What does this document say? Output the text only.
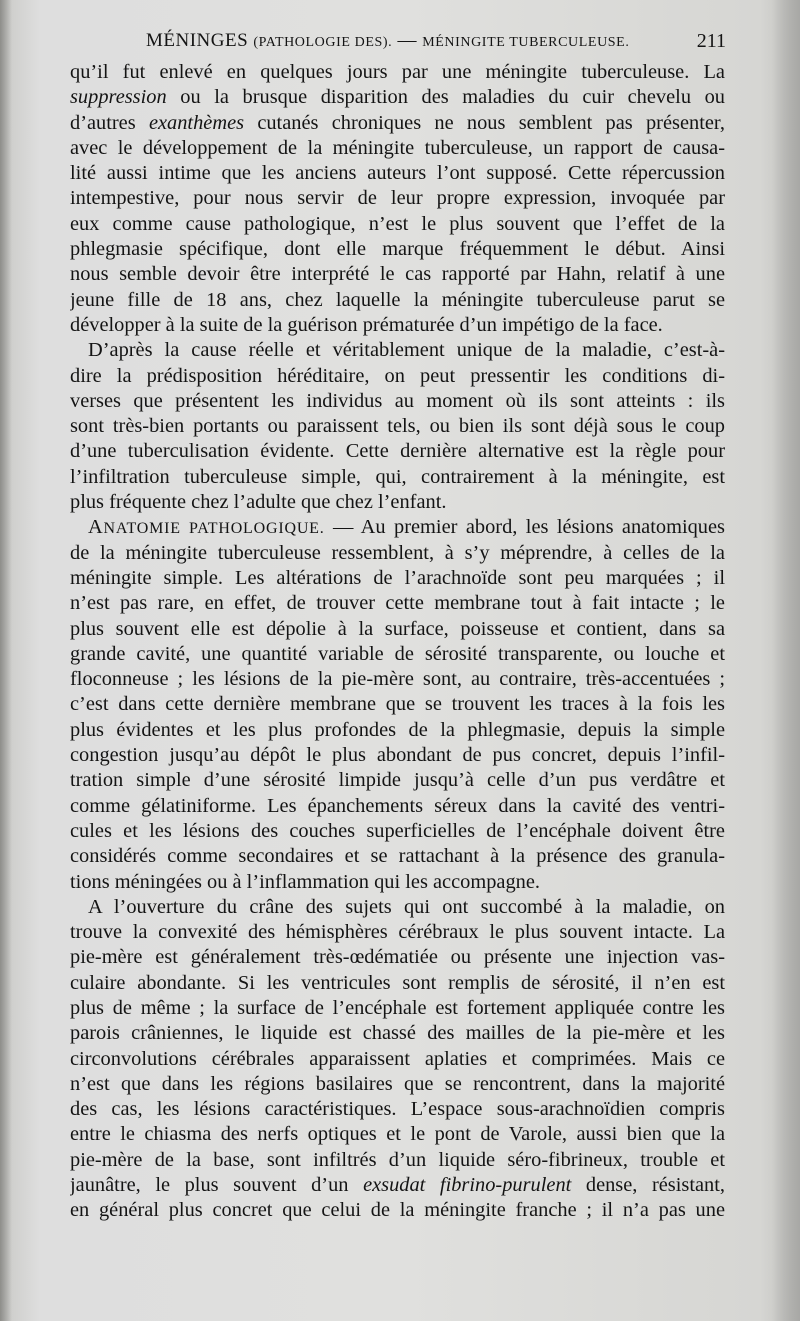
MÉNINGES (PATHOLOGIE DES). — MÉNINGITE TUBERCULEUSE.	211
qu’il fut enlevé en quelques jours par une méningite tuberculeuse. La
suppression ou la brusque disparition des maladies du cuir chevelu ou
d’autres exanthèmes cutanés chroniques ne nous semblent pas présenter,
avec le développement de la méningite tuberculeuse, un rapport de causa-
lité aussi intime que les anciens auteurs l’ont supposé. Cette répercussion
intempestive, pour nous servir de leur propre expression, invoquée par
eux comme cause pathologique, n’est le plus souvent que l’effet de la
phlegmasie spécifique, dont elle marque fréquemment le début. Ainsi
nous semble devoir être interprété le cas rapporté par Hahn, relatif à une
jeune fille de 18 ans, chez laquelle la méningite tuberculeuse parut se
développer à la suite de la guérison prématurée d’un impétigo de la face.
D’après la cause réelle et véritablement unique de la maladie, c’est-à-
dire la prédisposition héréditaire, on peut pressentir les conditions di-
verses que présentent les individus au moment où ils sont atteints : ils
sont très-bien portants ou paraissent tels, ou bien ils sont déjà sous le coup
d’une tuberculisation évidente. Cette dernière alternative est la règle pour
l’infiltration tuberculeuse simple, qui, contrairement à la méningite, est
plus fréquente chez l’adulte que chez l’enfant.
ANATOMIE PATHOLOGIQUE. — Au premier abord, les lésions anatomiques
de la méningite tuberculeuse ressemblent, à s’y méprendre, à celles de la
méningite simple. Les altérations de l’arachnoïde sont peu marquées ; il
n’est pas rare, en effet, de trouver cette membrane tout à fait intacte ; le
plus souvent elle est dépolie à la surface, poisseuse et contient, dans sa
grande cavité, une quantité variable de sérosité transparente, ou louche et
floconneuse ; les lésions de la pie-mère sont, au contraire, très-accentuées ;
c’est dans cette dernière membrane que se trouvent les traces à la fois les
plus évidentes et les plus profondes de la phlegmasie, depuis la simple
congestion jusqu’au dépôt le plus abondant de pus concret, depuis l’infil-
tration simple d’une sérosité limpide jusqu’à celle d’un pus verdâtre et
comme gélatiniforme. Les épanchements séreux dans la cavité des ventri-
cules et les lésions des couches superficielles de l’encéphale doivent être
considérés comme secondaires et se rattachant à la présence des granula-
tions méningées ou à l’inflammation qui les accompagne.
A l’ouverture du crâne des sujets qui ont succombé à la maladie, on
trouve la convexité des hémisphères cérébraux le plus souvent intacte. La
pie-mère est généralement très-œdématiée ou présente une injection vas-
culaire abondante. Si les ventricules sont remplis de sérosité, il n’en est
plus de même ; la surface de l’encéphale est fortement appliquée contre les
parois crâniennes, le liquide est chassé des mailles de la pie-mère et les
circonvolutions cérébrales apparaissent aplaties et comprimées. Mais ce
n’est que dans les régions basilaires que se rencontrent, dans la majorité
des cas, les lésions caractéristiques. L’espace sous-arachnoïdien compris
entre le chiasma des nerfs optiques et le pont de Varole, aussi bien que la
pie-mère de la base, sont infiltrés d’un liquide séro-fibrineux, trouble et
jaunâtre, le plus souvent d’un exsudat fibrino-purulent dense, résistant,
en général plus concret que celui de la méningite franche ; il n’a pas une
